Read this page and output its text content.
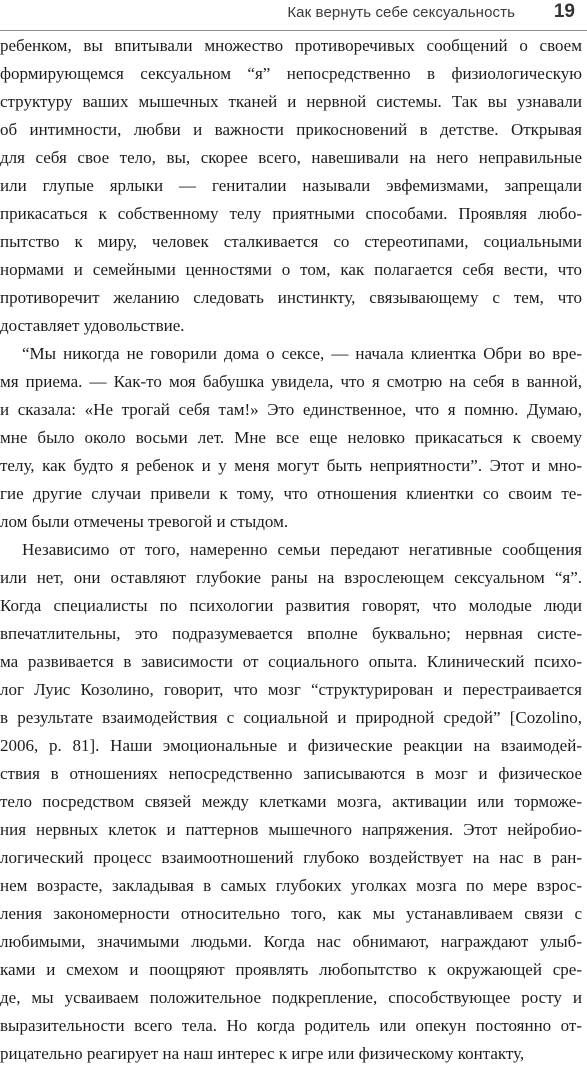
Как вернуть себе сексуальность 19
ребенком, вы впитывали множество противоречивых сообщений о своем
формирующемся сексуальном “я” непосредственно в физиологическую
структуру ваших мышечных тканей и нервной системы. Так вы узнавали
об интимности, любви и важности прикосновений в детстве. Открывая
для себя свое тело, вы, скорее всего, навешивали на него неправильные
или глупые ярлыки — гениталии называли эвфемизмами, запрещали
прикасаться к собственному телу приятными способами. Проявляя любо-
пытство к миру, человек сталкивается со стереотипами, социальными
нормами и семейными ценностями о том, как полагается себя вести, что
противоречит желанию следовать инстинкту, связывающему с тем, что
доставляет удовольствие.
“Мы никогда не говорили дома о сексе, — начала клиентка Обри во вре-
мя приема. — Как-то моя бабушка увидела, что я смотрю на себя в ванной,
и сказала: «Не трогай себя там!» Это единственное, что я помню. Думаю,
мне было около восьми лет. Мне все еще неловко прикасаться к своему
телу, как будто я ребенок и у меня могут быть неприятности”. Этот и мно-
гие другие случаи привели к тому, что отношения клиентки со своим те-
лом были отмечены тревогой и стыдом.
Независимо от того, намеренно семьи передают негативные сообщения
или нет, они оставляют глубокие раны на взрослеющем сексуальном “я”.
Когда специалисты по психологии развития говорят, что молодые люди
впечатлительны, это подразумевается вполне буквально; нервная систе-
ма развивается в зависимости от социального опыта. Клинический психо-
лог Луис Козолино, говорит, что мозг “структурирован и перестраивается
в результате взаимодействия с социальной и природной средой” [Cozolino,
2006, p. 81]. Наши эмоциональные и физические реакции на взаимодей-
ствия в отношениях непосредственно записываются в мозг и физическое
тело посредством связей между клетками мозга, активации или торможе-
ния нервных клеток и паттернов мышечного напряжения. Этот нейробио-
логический процесс взаимоотношений глубоко воздействует на нас в ран-
нем возрасте, закладывая в самых глубоких уголках мозга по мере взрос-
ления закономерности относительно того, как мы устанавливаем связи с
любимыми, значимыми людьми. Когда нас обнимают, награждают улыб-
ками и смехом и поощряют проявлять любопытство к окружающей сре-
де, мы усваиваем положительное подкрепление, способствующее росту и
выразительности всего тела. Но когда родитель или опекун постоянно от-
рицательно реагирует на наш интерес к игре или физическому контакту,
